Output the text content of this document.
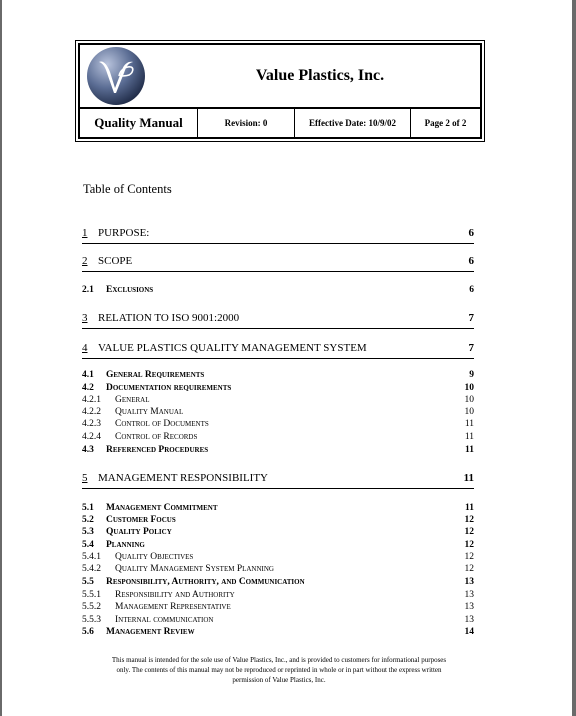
Value Plastics, Inc.
Quality Manual	Revision: 0	Effective Date: 10/9/02	Page 2 of 2
Table of Contents
1 PURPOSE:	6
2 SCOPE	6
2.1 Exclusions	6
3 RELATION TO ISO 9001:2000	7
4 VALUE PLASTICS QUALITY MANAGEMENT SYSTEM	7
4.1 General Requirements	9
4.2 Documentation requirements	10
4.2.1 General	10
4.2.2 Quality Manual	10
4.2.3 Control of Documents	11
4.2.4 Control of Records	11
4.3 Referenced Procedures	11
5 MANAGEMENT RESPONSIBILITY	11
5.1 Management Commitment	11
5.2 Customer Focus	12
5.3 Quality Policy	12
5.4 Planning	12
5.4.1 Quality Objectives	12
5.4.2 Quality Management System Planning	12
5.5 Responsibility, Authority, and Communication	13
5.5.1 Responsibility and Authority	13
5.5.2 Management Representative	13
5.5.3 Internal communication	13
5.6 Management Review	14
This manual is intended for the sole use of Value Plastics, Inc., and is provided to customers for informational purposes
only. The contents of this manual may not be reproduced or reprinted in whole or in part without the express written
permission of Value Plastics, Inc.
